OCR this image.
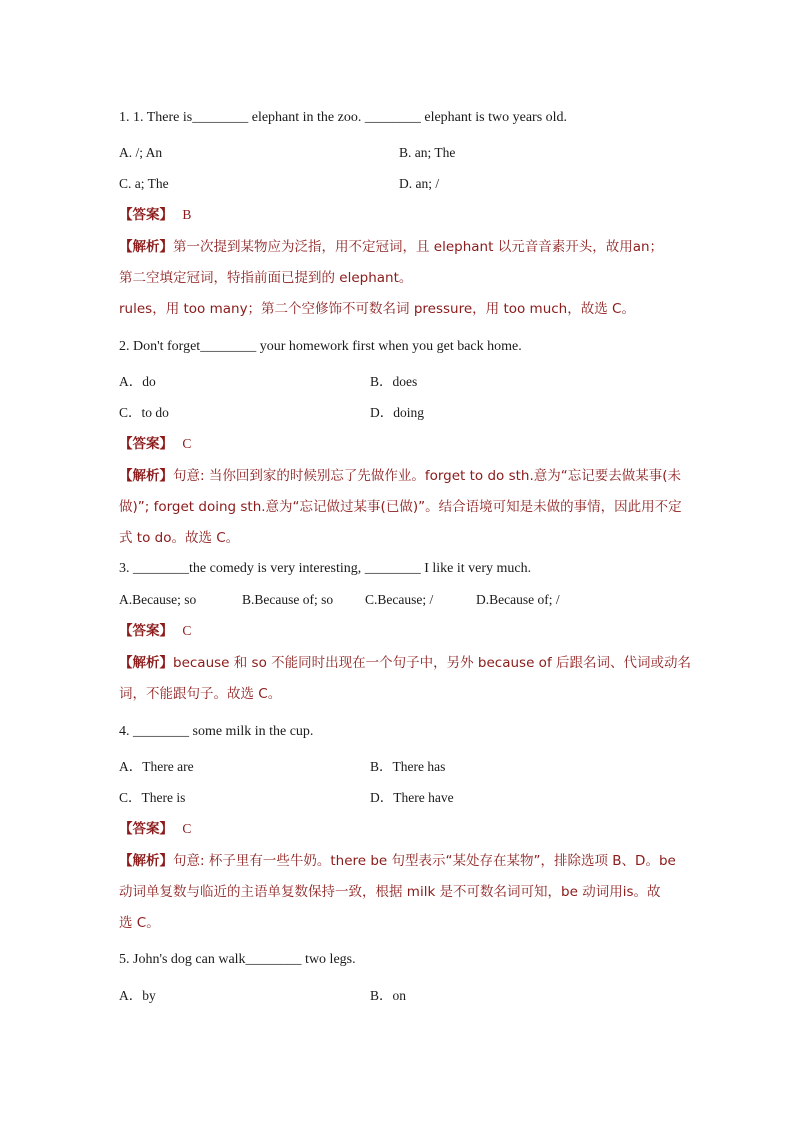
1. 1. There is________ elephant in the zoo. ________ elephant is two years old.
A. /; An	B. an; The
C. a; The	D. an; /
【答案】 B
【解析】第一次提到某物应为泛指，用不定冠词，且 elephant 以元音音素开头，故用an；
第二空填定冠词，特指前面已提到的 elephant。
rules，用 too many；第二个空修饰不可数名词 pressure，用 too much，故选 C。
2. Don't forget________ your homework first when you get back home.
A．do	B．does
C．to do	D．doing
【答案】 C
【解析】句意: 当你回到家的时候别忘了先做作业。forget to do sth.意为“忘记要去做某事(未
做)”; forget doing sth.意为“忘记做过某事(已做)”。结合语境可知是未做的事情，因此用不定
式 to do。故选 C。
3. ________the comedy is very interesting, ________ I like it very much.
A.Because; so	B.Because of; so C.Because; /	D.Because of; /
【答案】 C
【解析】because 和 so 不能同时出现在一个句子中，另外 because of 后跟名词、代词或动名
词，不能跟句子。故选 C。
4. ________ some milk in the cup.
A．There are	B．There has
C．There is	D．There have
【答案】 C
【解析】句意: 杯子里有一些牛奶。there be 句型表示“某处存在某物”，排除选项 B、D。be
动词单复数与临近的主语单复数保持一致，根据 milk 是不可数名词可知，be 动词用is。故
选 C。
5. John's dog can walk________ two legs.
A．by	B．on
